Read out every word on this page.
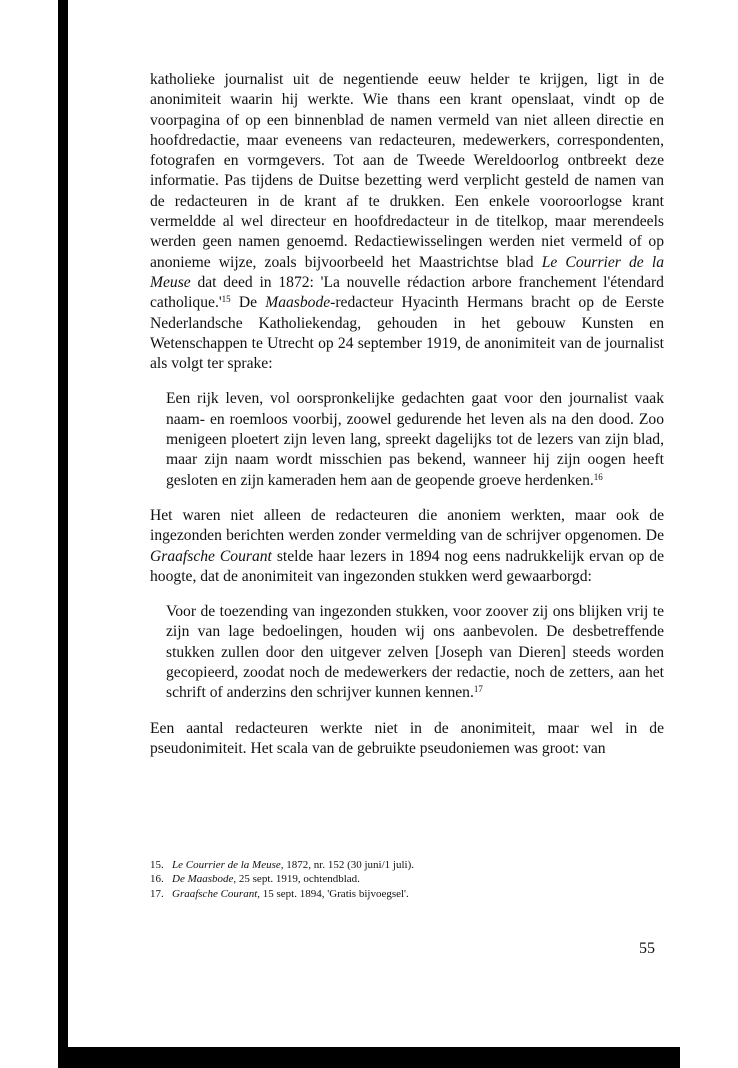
katholieke journalist uit de negentiende eeuw helder te krijgen, ligt in de anonimiteit waarin hij werkte. Wie thans een krant openslaat, vindt op de voorpagina of op een binnenblad de namen vermeld van niet alleen directie en hoofdredactie, maar eveneens van redacteuren, medewerkers, correspondenten, fotografen en vormgevers. Tot aan de Tweede Wereldoorlog ontbreekt deze informatie. Pas tijdens de Duitse bezetting werd verplicht gesteld de namen van de redacteuren in de krant af te drukken. Een enkele vooroorlogse krant vermeldde al wel directeur en hoofdredacteur in de titelkop, maar merendeels werden geen namen genoemd. Redactiewisselingen werden niet vermeld of op anonieme wijze, zoals bijvoorbeeld het Maastrichtse blad Le Courrier de la Meuse dat deed in 1872: 'La nouvelle rédaction arbore franchement l'étendard $catholique.'^{15}$ De Maasbode-redacteur Hyacinth Hermans bracht op de Eerste Nederlandsche Katholiekendag, gehouden in het gebouw Kunsten en Wetenschappen te Utrecht op 24 september 1919, de anonimiteit van de journalist als volgt ter sprake:

Een rijk leven, vol oorspronkelijke gedachten gaat voor den journalist vaak naam- en roemloos voorbij, zoowel gedurende het leven als na den dood. Zoo menigeen ploetert zijn leven lang, spreekt dagelijks tot de lezers van zijn blad, maar zijn naam wordt misschien pas bekend, wanneer hij zijn oogen heeft gesloten en zijn kameraden hem aan de geopende groeve herdenken.$^{16}$

Het waren niet alleen de redacteuren die anoniem werkten, maar ook de ingezonden berichten werden zonder vermelding van de schrijver opgenomen. De Graafsche Courant stelde haar lezers in 1894 nog eens nadrukkelijk ervan op de hoogte, dat de anonimiteit van ingezonden stukken werd gewaarborgd:

Voor de toezending van ingezonden stukken, voor zoover zij ons blijken vrij te zijn van lage bedoelingen, houden wij ons aanbevolen. De desbetreffende stukken zullen door den uitgever zelven [Joseph van Dieren] steeds worden gecopieerd, zoodat noch de medewerkers der redactie, noch de zetters, aan het schrift of anderzins den schrijver kunnen kennen.$^{17}$

Een aantal redacteuren werkte niet in de anonimiteit, maar wel in de pseudonimiteit. Het scala van de gebruikte pseudoniemen was groot: van

15. Le Courrier de la Meuse, 1872, nr. 152 (30 juni/1 juli).
16. De Maasbode, 25 sept. 1919, ochtendblad.
17. Graafsche Courant, 15 sept. 1894, 'Gratis bijvoegsel'.
55
